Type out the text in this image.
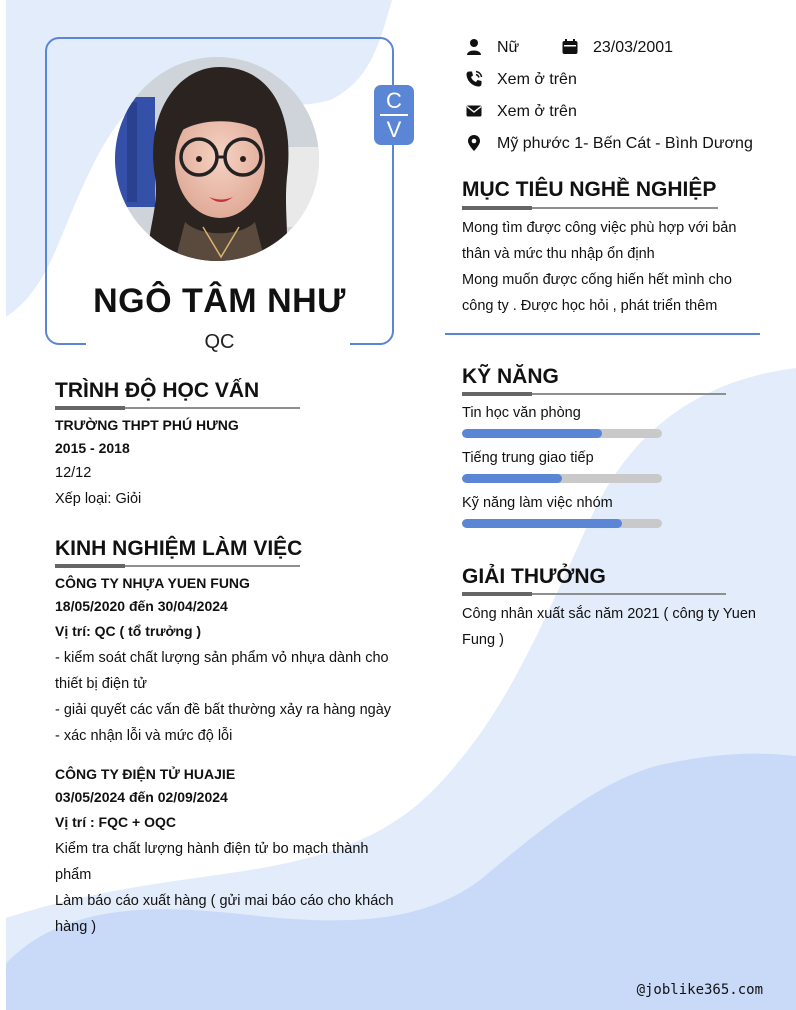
NGÔ TÂM NHƯ
QC
C
V
Nữ	23/03/2001
Xem ở trên
Xem ở trên
Mỹ phước 1- Bến Cát - Bình Dương
MỤC TIÊU NGHỀ NGHIỆP
Mong tìm được công việc phù hợp với bản
thân và mức thu nhập ổn định
Mong muốn được cống hiến hết mình cho
công ty . Được học hỏi , phát triển thêm
KỸ NĂNG
Tin học văn phòng
Tiếng trung giao tiếp
Kỹ năng làm việc nhóm
GIẢI THƯỞNG
Công nhân xuất sắc năm 2021 ( công ty Yuen
Fung )
TRÌNH ĐỘ HỌC VẤN
TRƯỜNG THPT PHÚ HƯNG
2015 - 2018
12/12
Xếp loại: Giỏi
KINH NGHIỆM LÀM VIỆC
CÔNG TY NHỰA YUEN FUNG
18/05/2020 đến 30/04/2024
Vị trí: QC ( tổ trưởng )
- kiểm soát chất lượng sản phẩm vỏ nhựa dành cho
thiết bị điện tử
- giải quyết các vấn đề bất thường xảy ra hàng ngày
- xác nhận lỗi và mức độ lỗi
CÔNG TY ĐIỆN TỬ HUAJIE
03/05/2024 đến 02/09/2024
Vị trí : FQC + OQC
Kiểm tra chất lượng hành điện tử bo mạch thành
phẩm
Làm báo cáo xuất hàng ( gửi mai báo cáo cho khách
hàng )
@joblike365.com
